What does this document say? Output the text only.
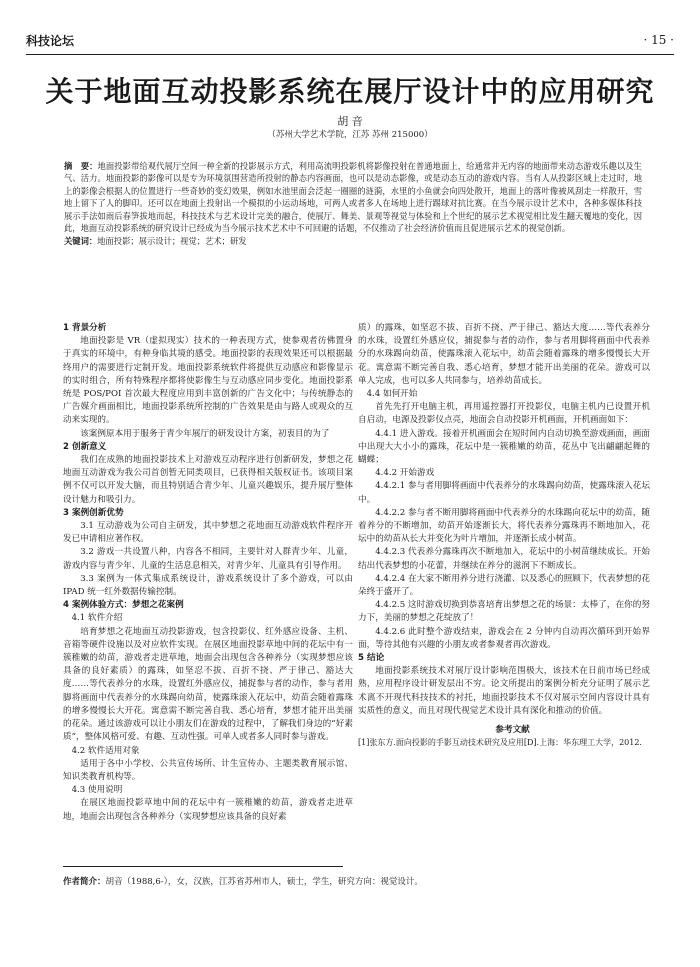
科技论坛	· 15 ·
关于地面互动投影系统在展厅设计中的应用研究
胡 音
（苏州大学艺术学院，江苏 苏州 215000）
摘　要：地面投影带给观代展厅空间一种全新的投影展示方式，利用高流明投影机将影像投射在普通地面上，给通常并无内容的地面带来动态游戏乐趣以及生气、活力。地面投影的影像可以是专为环境氛围营造所投射的静态内容画面，也可以是动态影像，或是动态互动的游戏内容。当有人从投影区域上走过时，地上的影像会根据人的位置进行一些奇妙的变幻效果，例如水池里面会泛起一圈圈的涟漪，水里的小鱼就会向四处散开，地面上的落叶像被风刮走一样散开，雪地上留下了人的脚印。还可以在地面上投射出一个模拟的小运动场地，可两人或者多人在场地上进行踢球对抗比赛。在当今展示设计艺术中，各种多媒体科技展示手法如雨后春笋拔地而起，科技技术与艺术设计完美的融合，使展厅、舞美、景观等视觉与体验和上个世纪的展示艺术视觉相比发生翻天覆地的变化，因此，地面互动投影系统的研究设计已经成为当今展示技术艺术中不可回避的话题，不仅推动了社会经济价值而且促进展示艺术的视觉创新。
关键词：地面投影；展示设计；视觉；艺术；研发

1 背景分析

地面投影是 VR（虚拟现实）技术的一种表现方式，使参观者彷佛置身于真实的环境中，有种身临其境的感受。地面投影的表现效果还可以根据最终用户的需要进行定制开发。地面投影系统软件将提供互动感应和影像显示的实时组合，所有特殊程序都将使影像生与互动感应同步变化。地面投影系统是 POS/POI 首次最大程度应用到丰富创新的广告文化中；与传统静态的广告媒介画面相比，地面投影系统所控制的广告效果是由与路人或观众的互动来实现的。

该案例原本用于服务于青少年展厅的研发设计方案，初衷目的为了

2 创新意义

我们在成熟的地面投影技术上对游戏互动程序进行创新研发，梦想之花地面互动游戏为我公司首创暂无同类项目，已获得相关版权证书。该项目案例不仅可以开发大脑，而且特别适合青少年、儿童兴趣娱乐，提升展厅整体设计魅力和吸引力。

3 案例创新优势

3.1 互动游戏为公司自主研发，其中梦想之花地面互动游戏软件程序开发已申请相应著作权。

3.2 游戏一共设置八种，内容各不相同，主要针对人群青少年、儿童，游戏内容与青少年、儿童的生活息息相关，对青少年、儿童具有引导作用。

3.3 案例为一体式集成系统设计，游戏系统设计了多个游戏，可以由 IPAD 统一红外数据传输控制。

4 案例体验方式：梦想之花案例

4.1 软件介绍

培育梦想之花地面互动投影游戏，包含投影仪、红外感应设备、主机、音箱等硬件设施以及对应软件实现。在展区地面投影草地中间的花坛中有一簇稚嫩的幼苗，游戏者走进草地，地面会出现包含各种养分（实现梦想应该具备的良好素质）的露珠，如坚忍不拔、百折不挠、严于律己、豁达大度……等代表养分的水珠，设置红外感应仪，捕捉参与者的动作，参与者用脚将画面中代表养分的水珠踢向幼苗，使露珠滚入花坛中，幼苗会随着露珠的增多慢慢长大开花。寓意需不断完善自我、悉心培育，梦想才能开出美丽的花朵。通过该游戏可以让小朋友们在游戏的过程中，了解我们身边的“好素质”，整体风格可爱、有趣、互动性强。可单人或者多人同时参与游戏。

4.2 软件适用对象

适用于各中小学校、公共宣传场所、计生宣传办、主题类教育展示馆、知识类教育机构等。

4.3 使用说明

在展区地面投影草地中间的花坛中有一簇稚嫩的幼苗，游戏者走进草地，地面会出现包含各种养分（实现梦想应该具备的良好素

质）的露珠，如坚忍不拔、百折不挠、严于律己、豁达大度……等代表养分的水珠，设置红外感应仪，捕捉参与者的动作，参与者用脚将画面中代表养分的水珠踢向幼苗，使露珠滚入花坛中，幼苗会随着露珠的增多慢慢长大开花。寓意需不断完善自我、悉心培育，梦想才能开出美丽的花朵。游戏可以单人完成，也可以多人共同参与，培养幼苗成长。

4.4 如何开始

首先先打开电脑主机，再用遥控器打开投影仪，电脑主机内已设置开机自启动，电源及投影仪点亮，地面会自动投影开机画面，开机画面如下：

4.4.1 进入游戏。接着开机画面会在短时间内自动切换至游戏画面，画面中出现大大小小的露珠，花坛中是一簇稚嫩的幼苗，花丛中飞出翩翩起舞的蝴蝶；

4.4.2 开始游戏

4.4.2.1 参与者用脚将画面中代表养分的水珠踢向幼苗，使露珠滚入花坛中。

4.4.2.2 参与者不断用脚将画面中代表养分的水珠踢向花坛中的幼苗，随着养分的不断增加，幼苗开始逐渐长大，将代表养分露珠再不断地加入，花坛中的幼苗从长大并变化为叶片增加，并逐渐长成小树苗。

4.4.2.3 代表养分露珠再次不断地加入，花坛中的小树苗继续成长。开始结出代表梦想的小花蕾，并继续在养分的滋润下不断成长。

4.4.2.4 在大家不断用养分进行浇灌、以及悉心的照顾下，代表梦想的花朵终于盛开了。

4.4.2.5 这时游戏切换到恭喜培育出梦想之花的场景：太棒了，在你的努力下，美丽的梦想之花绽放了！

4.4.2.6 此时整个游戏结束，游戏会在 2 分钟内自动再次循环到开始界面，等待其他有兴趣的小朋友或者参观者再次游戏。

5 结论

地面投影系统技术对展厅设计影响范围极大，该技术在日前市场已经成熟，应用程序设计研发层出不穷。论文所提出的案例分析充分证明了展示艺术离不开现代科技技术的衬托，地面投影技术不仅对展示空间内容设计具有实质性的意义，而且对现代视觉艺术设计具有深化和推动的价值。

参考文献

[1]张东方.面向投影的手影互动技术研究及应用[D].上海：华东理工大学，2012.

作者简介：胡音（1988,6-），女，汉族，江苏省苏州市人，硕士，学生，研究方向：视觉设计。
